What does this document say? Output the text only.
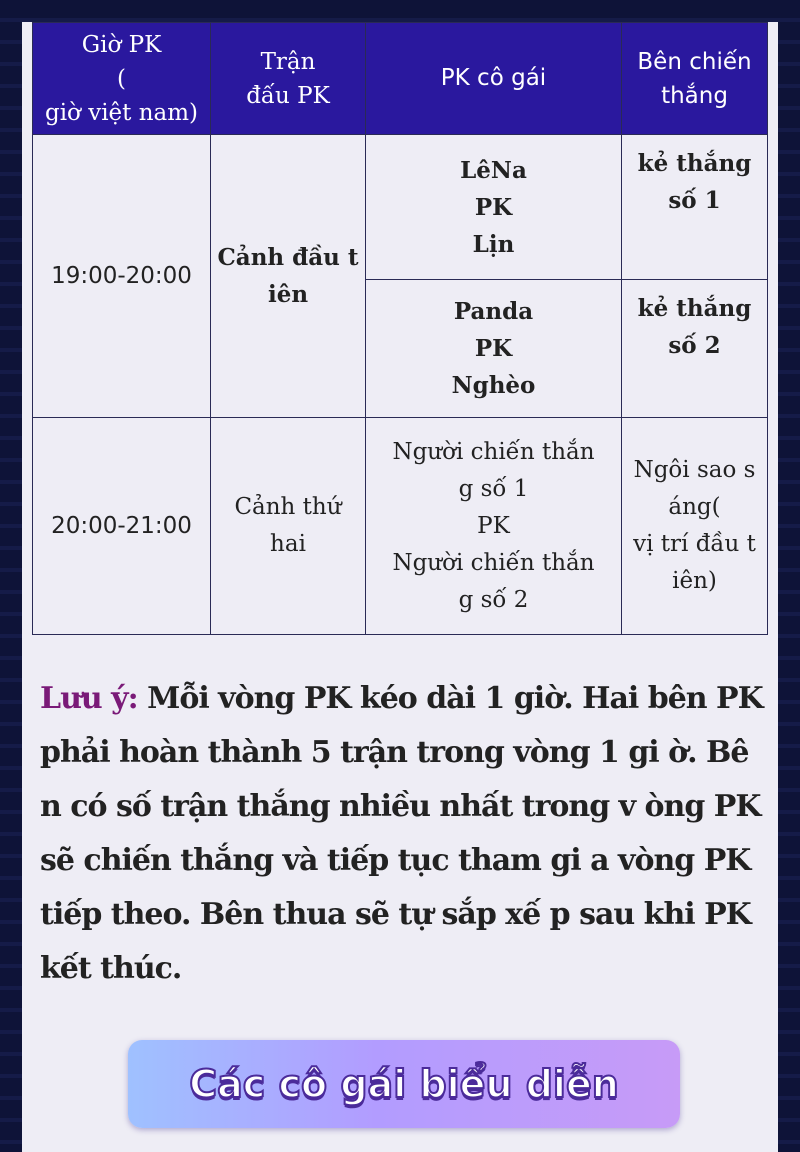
Giờ PK
(
giờ việt nam)	Trận
đấu PK	PK cô gái	Bên chiến
thắng
19:00-20:00	Cảnh đầu t
iên	LêNa
PK
Lịn	kẻ thắng
số 1
		Panda
PK
Nghèo	kẻ thắng
số 2
20:00-21:00	Cảnh thứ
hai	Người chiến thắn
g số 1
PK
Người chiến thắn
g số 2	Ngôi sao s
áng(
vị trí đầu t
iên)
Lưu ý: Mỗi vòng PK kéo dài 1 giờ. Hai bên PK phải hoàn thành 5 trận trong vòng 1 gi ờ. Bên có số trận thắng nhiều nhất trong v òng PK sẽ chiến thắng và tiếp tục tham gi a vòng PK tiếp theo. Bên thua sẽ tự sắp xế p sau khi PK kết thúc.
Các cô gái biểu diễn
